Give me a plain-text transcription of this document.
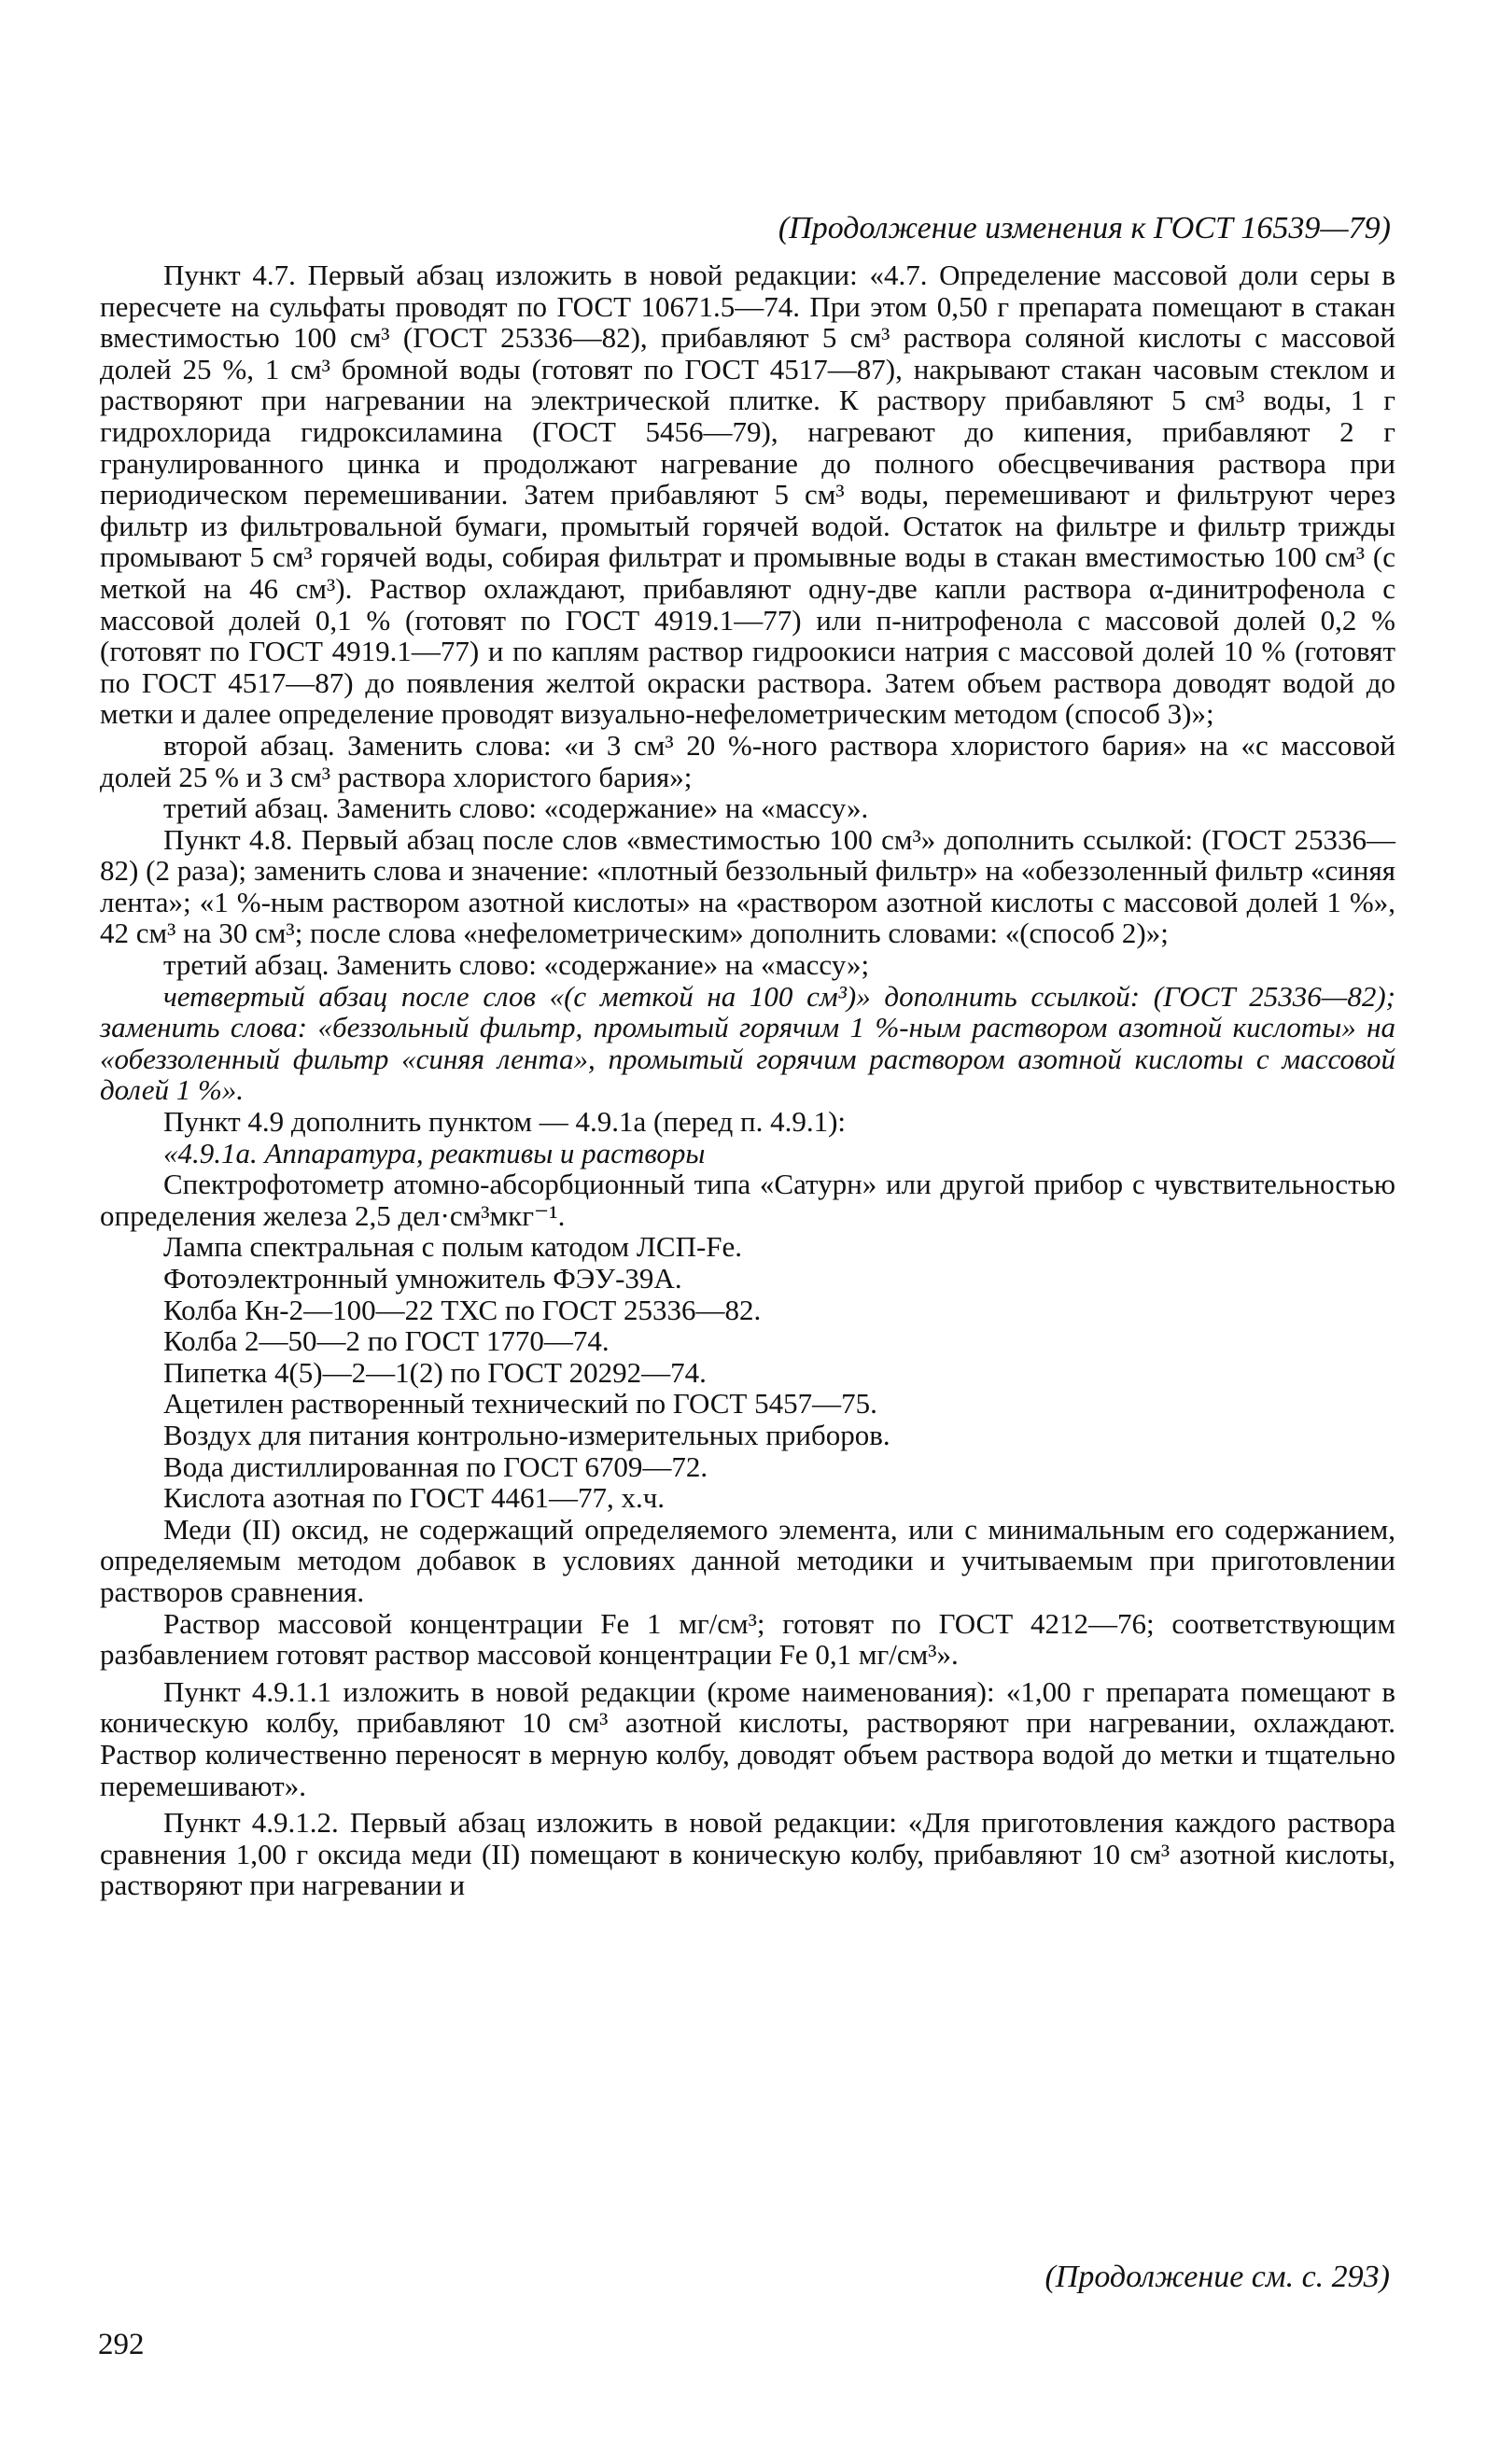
(Продолжение изменения к ГОСТ 16539—79)

Пункт 4.7. Первый абзац изложить в новой редакции: «4.7. Определение массовой доли серы в пересчете на сульфаты проводят по ГОСТ 10671.5—74. При этом 0,50 г препарата помещают в стакан вместимостью 100 см³ (ГОСТ 25336—82), прибавляют 5 см³ раствора соляной кислоты с массовой долей 25 %, 1 см³ бромной воды (готовят по ГОСТ 4517—87), накрывают стакан часовым стеклом и растворяют при нагревании на электрической плитке. К раствору прибавляют 5 см³ воды, 1 г гидрохлорида гидроксиламина (ГОСТ 5456—79), нагревают до кипения, прибавляют 2 г гранулированного цинка и продолжают нагревание до полного обесцвечивания раствора при периодическом перемешивании. Затем прибавляют 5 см³ воды, перемешивают и фильтруют через фильтр из фильтровальной бумаги, промытый горячей водой. Остаток на фильтре и фильтр трижды промывают 5 см³ горячей воды, собирая фильтрат и промывные воды в стакан вместимостью 100 см³ (с меткой на 46 см³). Раствор охлаждают, прибавляют одну-две капли раствора α-динитрофенола с массовой долей 0,1 % (готовят по ГОСТ 4919.1—77) или п-нитрофенола с массовой долей 0,2 % (готовят по ГОСТ 4919.1—77) и по каплям раствор гидроокиси натрия с массовой долей 10 % (готовят по ГОСТ 4517—87) до появления желтой окраски раствора. Затем объем раствора доводят водой до метки и далее определение проводят визуально-нефелометрическим методом (способ 3)»;

второй абзац. Заменить слова: «и 3 см³ 20 %-ного раствора хлористого бария» на «с массовой долей 25 % и 3 см³ раствора хлористого бария»;

третий абзац. Заменить слово: «содержание» на «массу».

Пункт 4.8. Первый абзац после слов «вместимостью 100 см³» дополнить ссылкой: (ГОСТ 25336—82) (2 раза); заменить слова и значение: «плотный беззольный фильтр» на «обеззоленный фильтр «синяя лента»; «1 %-ным раствором азотной кислоты» на «раствором азотной кислоты с массовой долей 1 %», 42 см³ на 30 см³; после слова «нефелометрическим» дополнить словами: «(способ 2)»;

третий абзац. Заменить слово: «содержание» на «массу»;

четвертый абзац после слов «(с меткой на 100 см³)» дополнить ссылкой: (ГОСТ 25336—82); заменить слова: «беззольный фильтр, промытый горячим 1 %-ным раствором азотной кислоты» на «обеззоленный фильтр «синяя лента», промытый горячим раствором азотной кислоты с массовой долей 1 %».

Пункт 4.9 дополнить пунктом — 4.9.1а (перед п. 4.9.1):

«4.9.1а. Аппаратура, реактивы и растворы

Спектрофотометр атомно-абсорбционный типа «Сатурн» или другой прибор с чувствительностью определения железа 2,5 дел·см³мкг⁻¹.

Лампа спектральная с полым катодом ЛСП-Fe.

Фотоэлектронный умножитель ФЭУ-39А.

Колба Кн-2—100—22 ТХС по ГОСТ 25336—82.

Колба 2—50—2 по ГОСТ 1770—74.

Пипетка 4(5)—2—1(2) по ГОСТ 20292—74.

Ацетилен растворенный технический по ГОСТ 5457—75.

Воздух для питания контрольно-измерительных приборов.

Вода дистиллированная по ГОСТ 6709—72.

Кислота азотная по ГОСТ 4461—77, х.ч.

Меди (II) оксид, не содержащий определяемого элемента, или с минимальным его содержанием, определяемым методом добавок в условиях данной методики и учитываемым при приготовлении растворов сравнения.

Раствор массовой концентрации Fe 1 мг/см³; готовят по ГОСТ 4212—76; соответствующим разбавлением готовят раствор массовой концентрации Fe 0,1 мг/см³».

Пункт 4.9.1.1 изложить в новой редакции (кроме наименования): «1,00 г препарата помещают в коническую колбу, прибавляют 10 см³ азотной кислоты, растворяют при нагревании, охлаждают. Раствор количественно переносят в мерную колбу, доводят объем раствора водой до метки и тщательно перемешивают».

Пункт 4.9.1.2. Первый абзац изложить в новой редакции: «Для приготовления каждого раствора сравнения 1,00 г оксида меди (II) помещают в коническую колбу, прибавляют 10 см³ азотной кислоты, растворяют при нагревании и

(Продолжение см. с. 293)
292
